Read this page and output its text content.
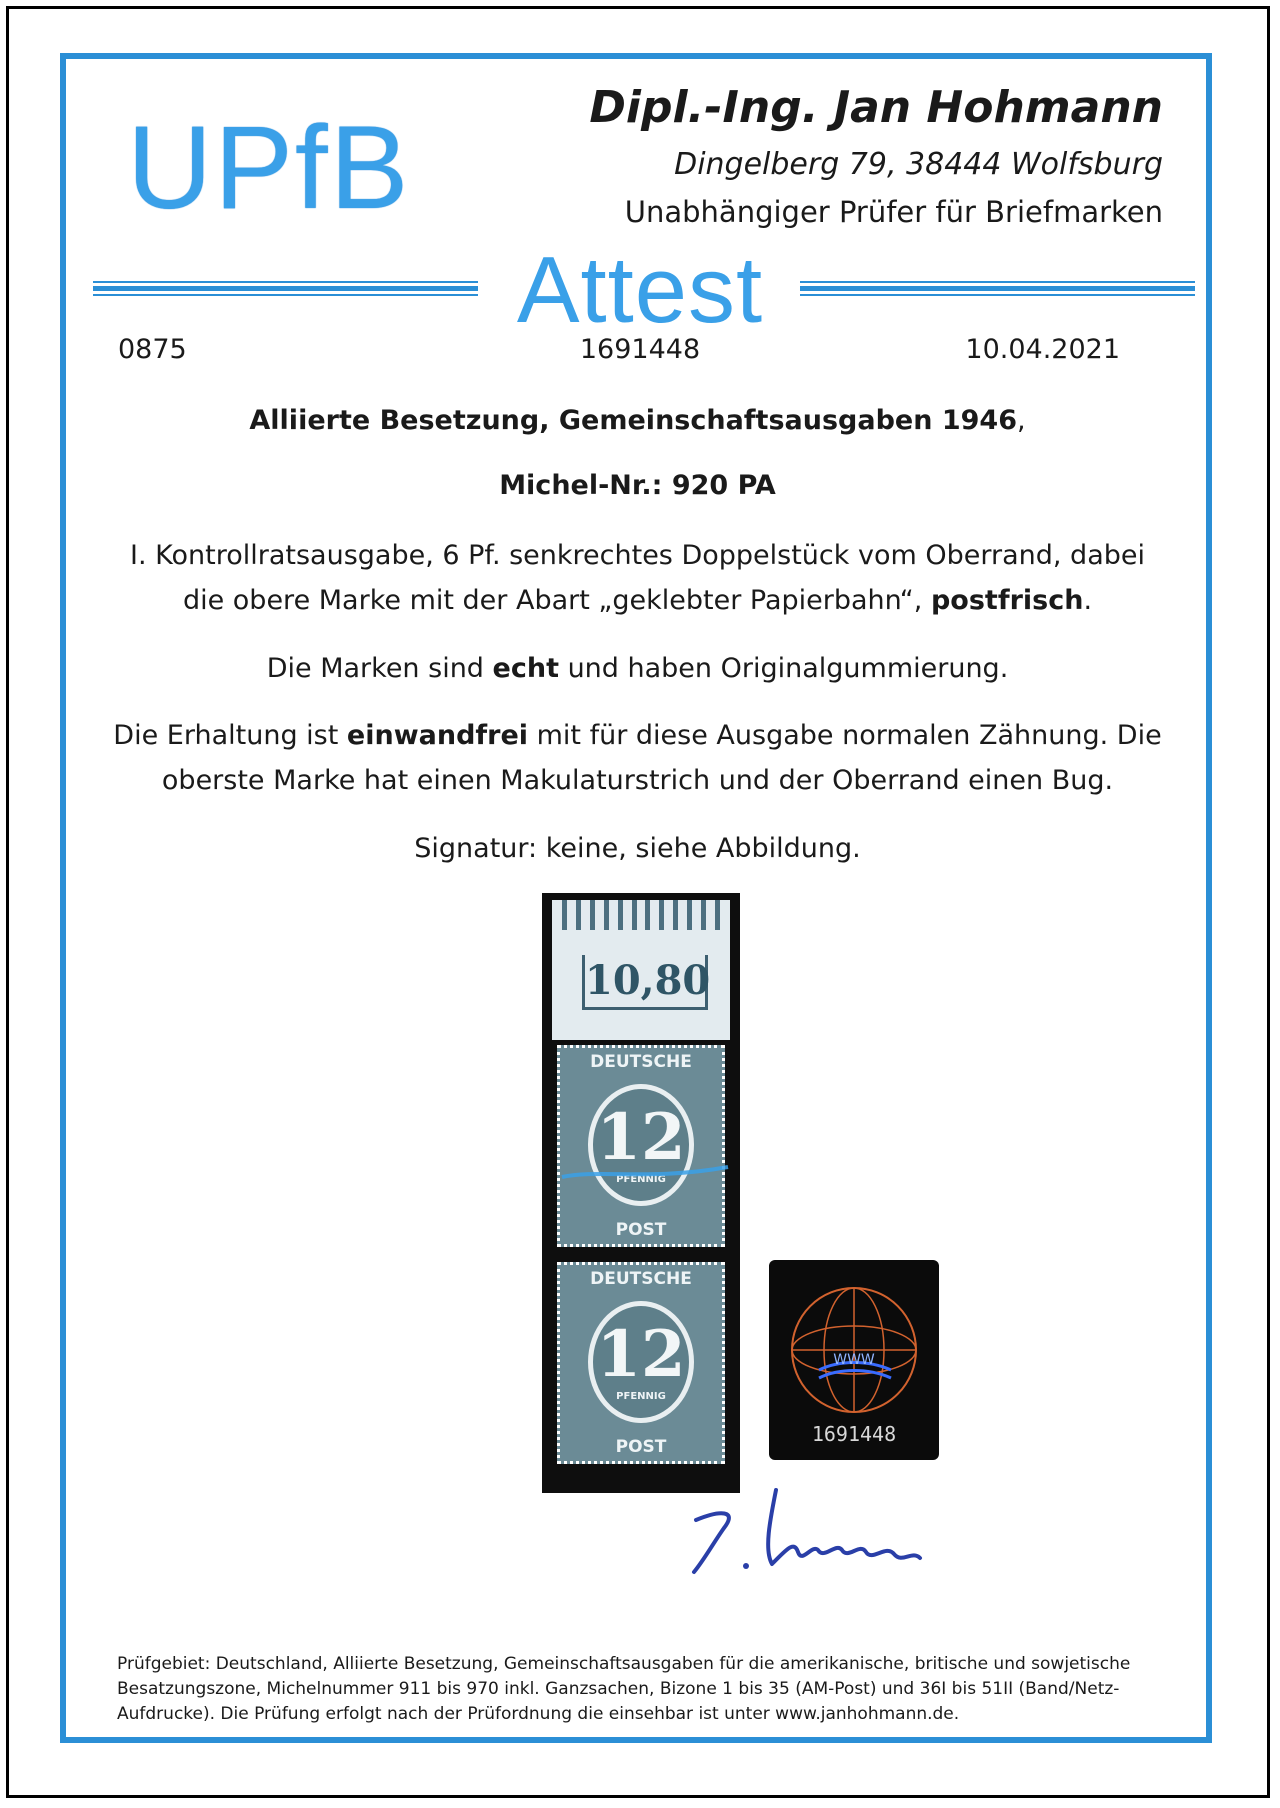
UPfB	Dipl.-Ing. Jan Hohmann
Dingelberg 79, 38444 Wolfsburg
Unabhängiger Prüfer für Briefmarken
Attest
0875	1691448	10.04.2021
Alliierte Besetzung, Gemeinschaftsausgaben 1946,
Michel-Nr.: 920 PA
I. Kontrollratsausgabe, 6 Pf. senkrechtes Doppelstück vom Oberrand, dabei
die obere Marke mit der Abart „geklebter Papierbahn“, postfrisch.
Die Marken sind echt und haben Originalgummierung.
Die Erhaltung ist einwandfrei mit für diese Ausgabe normalen Zähnung. Die
oberste Marke hat einen Makulaturstrich und der Oberrand einen Bug.
Signatur: keine, siehe Abbildung.
10,80
DEUTSCHE
12
PFENNIG
POST
DEUTSCHE
12
PFENNIG
POST
WWW
1691448
Prüfgebiet: Deutschland, Alliierte Besetzung, Gemeinschaftsausgaben für die amerikanische, britische und sowjetische
Besatzungszone, Michelnummer 911 bis 970 inkl. Ganzsachen, Bizone 1 bis 35 (AM-Post) und 36I bis 51II (Band/Netz-
Aufdrucke). Die Prüfung erfolgt nach der Prüfordnung die einsehbar ist unter www.janhohmann.de.
